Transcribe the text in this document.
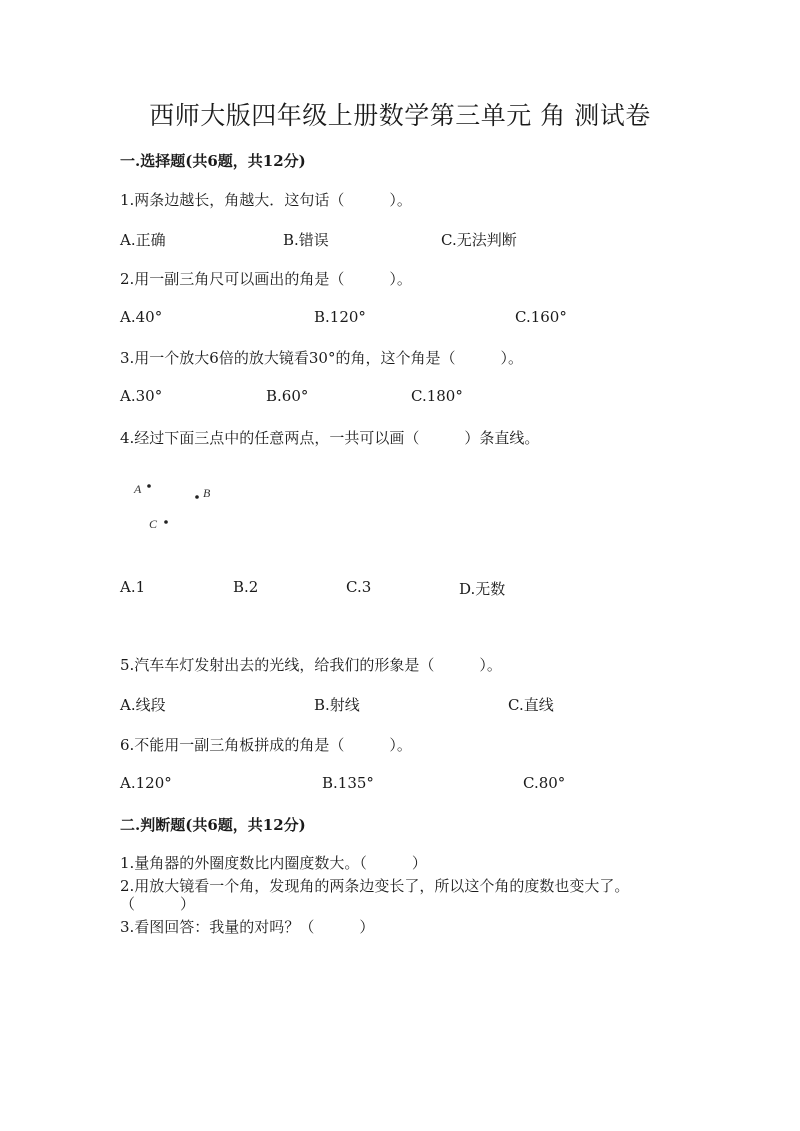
西师大版四年级上册数学第三单元 角 测试卷
一.选择题(共6题，共12分)
1.两条边越长，角越大．这句话（　　　）。
A.正确	B.错误	C.无法判断
2.用一副三角尺可以画出的角是（　　　）。
A.40°	B.120°	C.160°
3.用一个放大6倍的放大镜看30°的角，这个角是（　　　）。
A.30°	B.60°	C.180°
4.经过下面三点中的任意两点，一共可以画（　　　）条直线。
A	B
C
A.1	B.2	C.3	D.无数
5.汽车车灯发射出去的光线，给我们的形象是（　　　）。
A.线段	B.射线	C.直线
6.不能用一副三角板拼成的角是（　　　）。
A.120°	B.135°	C.80°
二.判断题(共6题，共12分)
1.量角器的外圈度数比内圈度数大。（　　　）
2.用放大镜看一个角，发现角的两条边变长了，所以这个角的度数也变大了。
（　　　）
3.看图回答：我量的对吗？（　　　）
